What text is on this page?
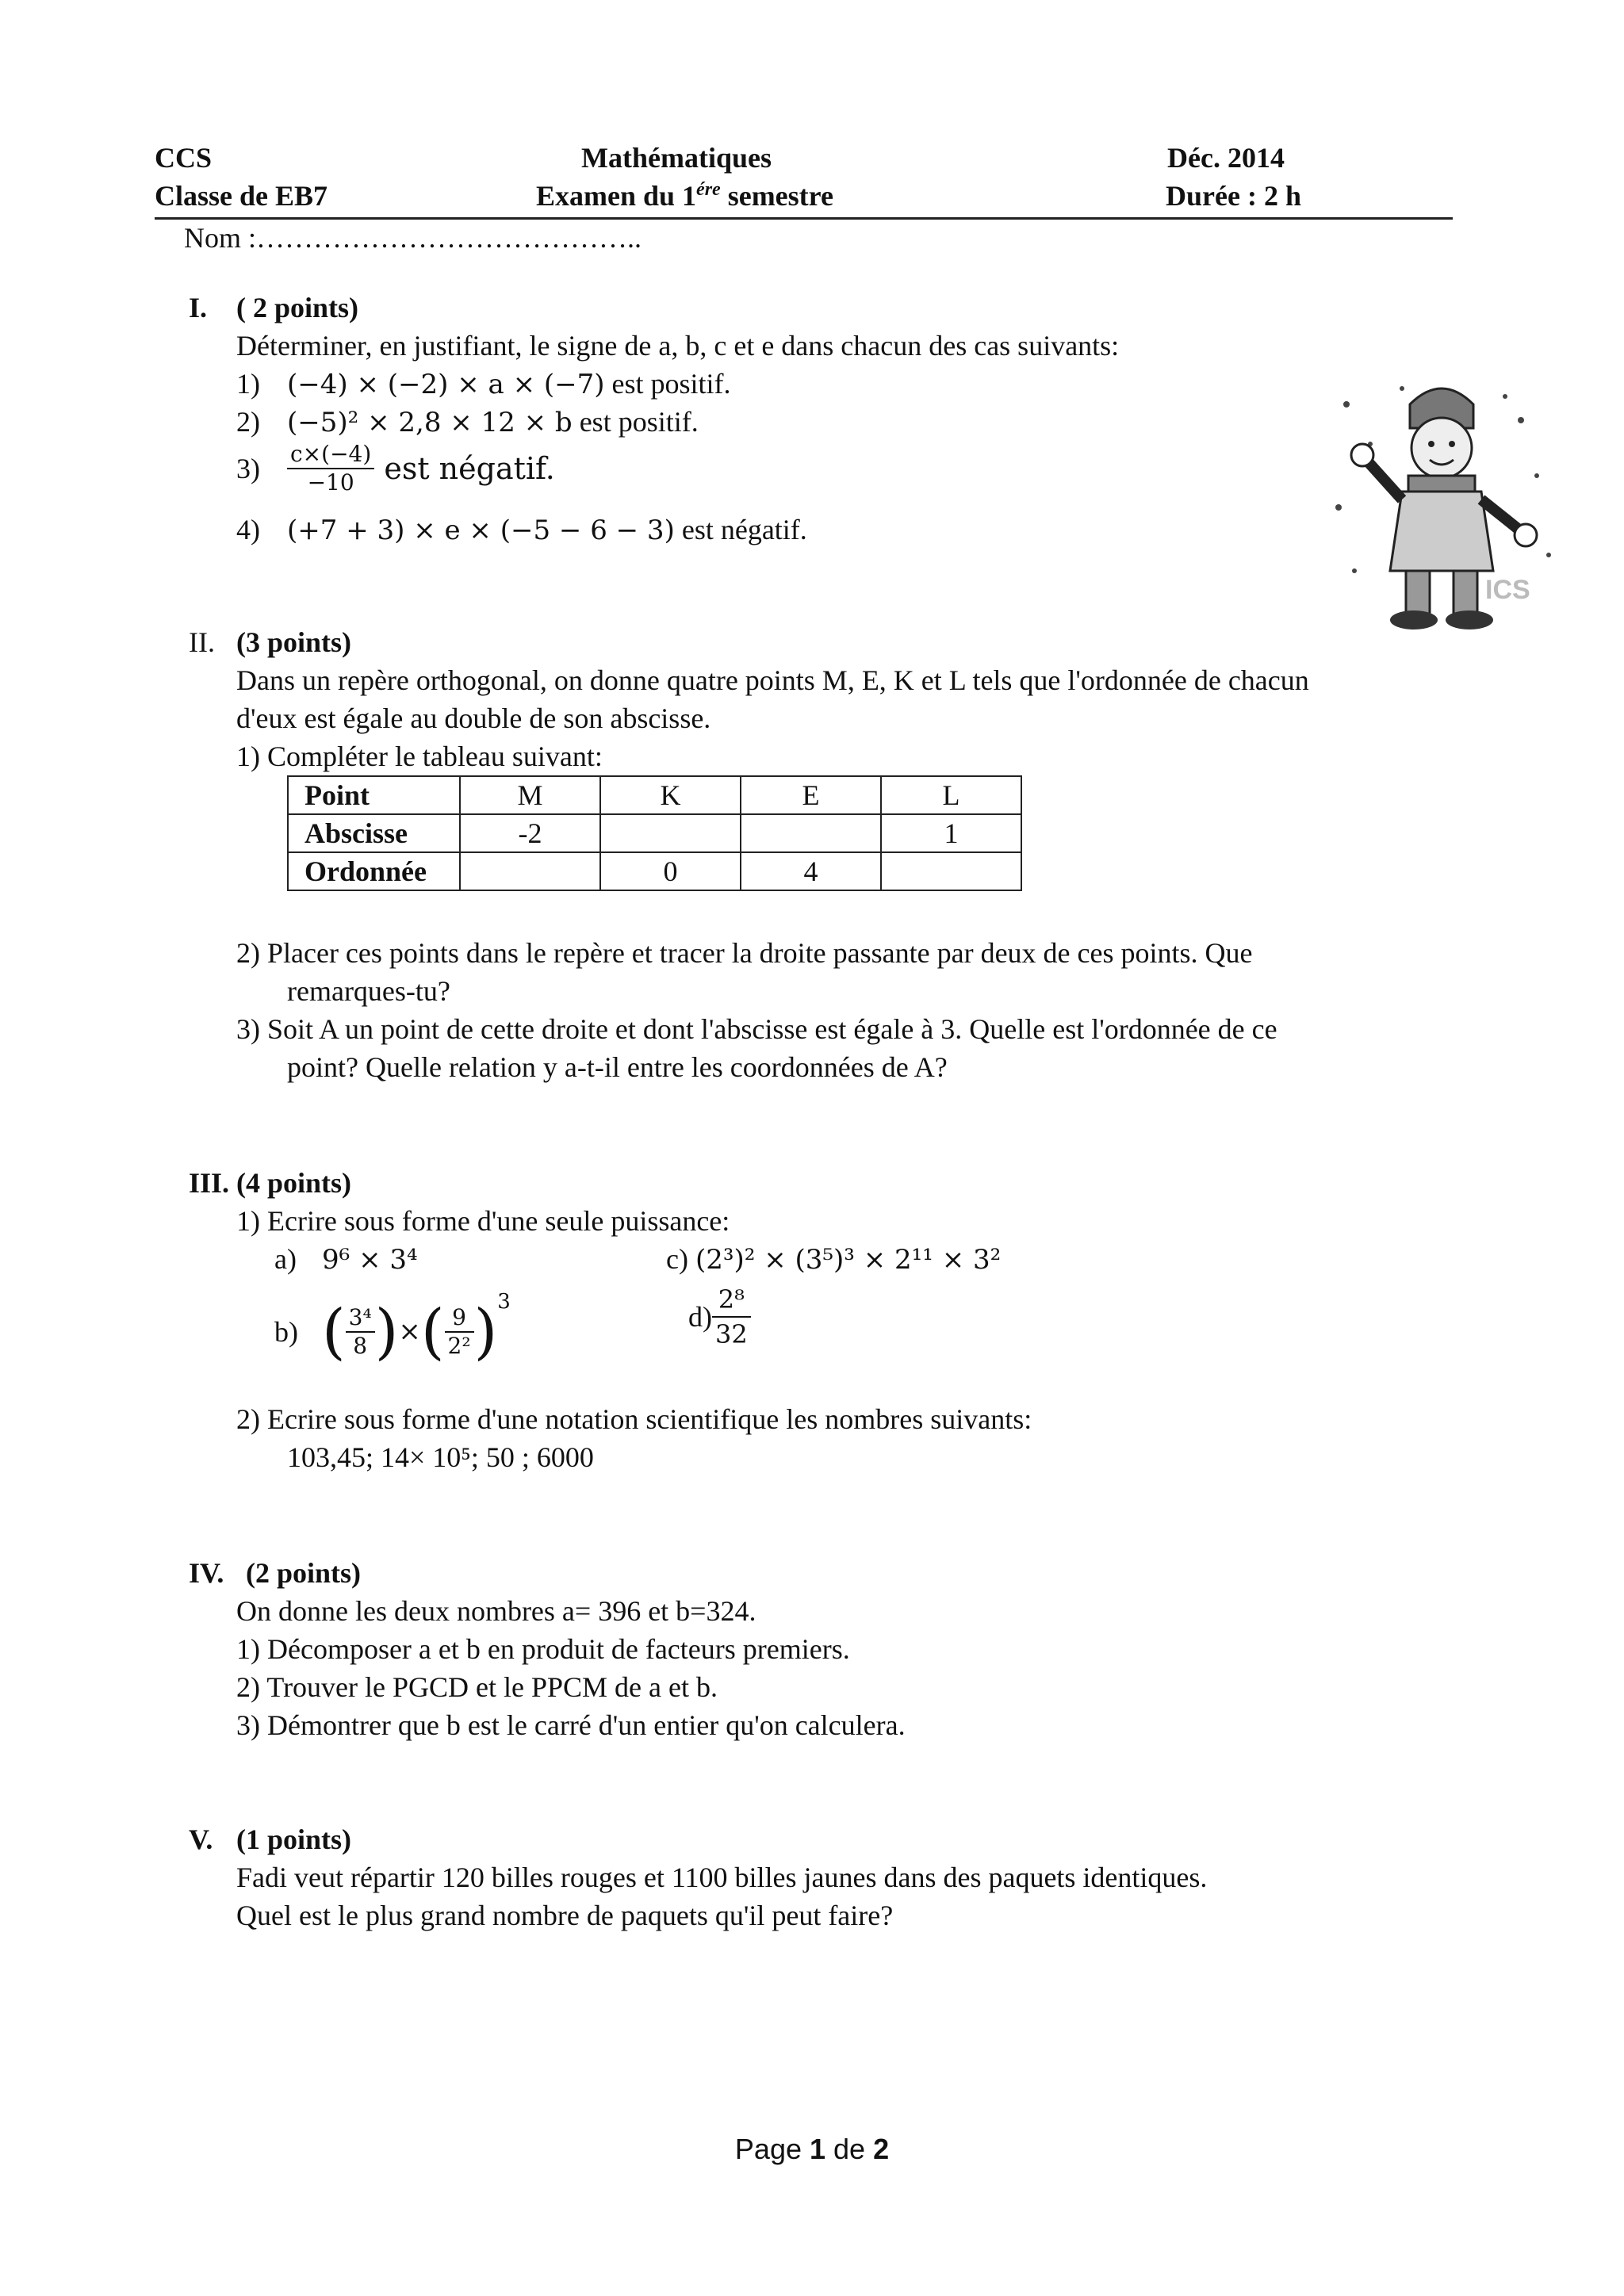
CCS	Mathématiques	Déc. 2014
Classe de EB7	Examen du $1^{ére}$ semestre	Durée : 2 h
Nom :…………………………………..
ICS
I. ( 2 points)
Déterminer, en justifiant, le signe de a, b, c et e dans chacun des cas suivants:
1) (−4) × (−2) × a × (−7) est positif.
2) (−5)² × 2,8 × 12 × b est positif.
$3) \frac{c\times(-4)}{-10}$ est négatif.
4) (+7 + 3) × e × (−5 − 6 − 3) est négatif.
II. (3 points)
Dans un repère orthogonal, on donne quatre points M, E, K et L tels que l'ordonnée de chacun
d'eux est égale au double de son abscisse.
1) Compléter le tableau suivant:
Point	M	K	E	L
Abscisse	-2			1
Ordonnée		0	4	
2) Placer ces points dans le repère et tracer la droite passante par deux de ces points. Que
remarques-tu?
3) Soit A un point de cette droite et dont l'abscisse est égale à 3. Quelle est l'ordonnée de ce
point? Quelle relation y a-t-il entre les coordonnées de A?
III. (4 points)
1) Ecrire sous forme d'une seule puissance:
a) 9⁶ × 3⁴	c) (2³)² × (3⁵)³ × 2¹¹ × 3²
b) ( $\frac{\text{3⁴}}{8}$ )×( $\frac{9}{\text{2²}} )^3$	$d) \frac{\text{2⁸}}{32}$
2) Ecrire sous forme d'une notation scientifique les nombres suivants:
103,45; 14× 10⁵; 50 ; 6000
IV. (2 points)
On donne les deux nombres a= 396 et b=324.
1) Décomposer a et b en produit de facteurs premiers.
2) Trouver le PGCD et le PPCM de a et b.
3) Démontrer que b est le carré d'un entier qu'on calculera.
V. (1 points)
Fadi veut répartir 120 billes rouges et 1100 billes jaunes dans des paquets identiques.
Quel est le plus grand nombre de paquets qu'il peut faire?
Page 1 de 2
